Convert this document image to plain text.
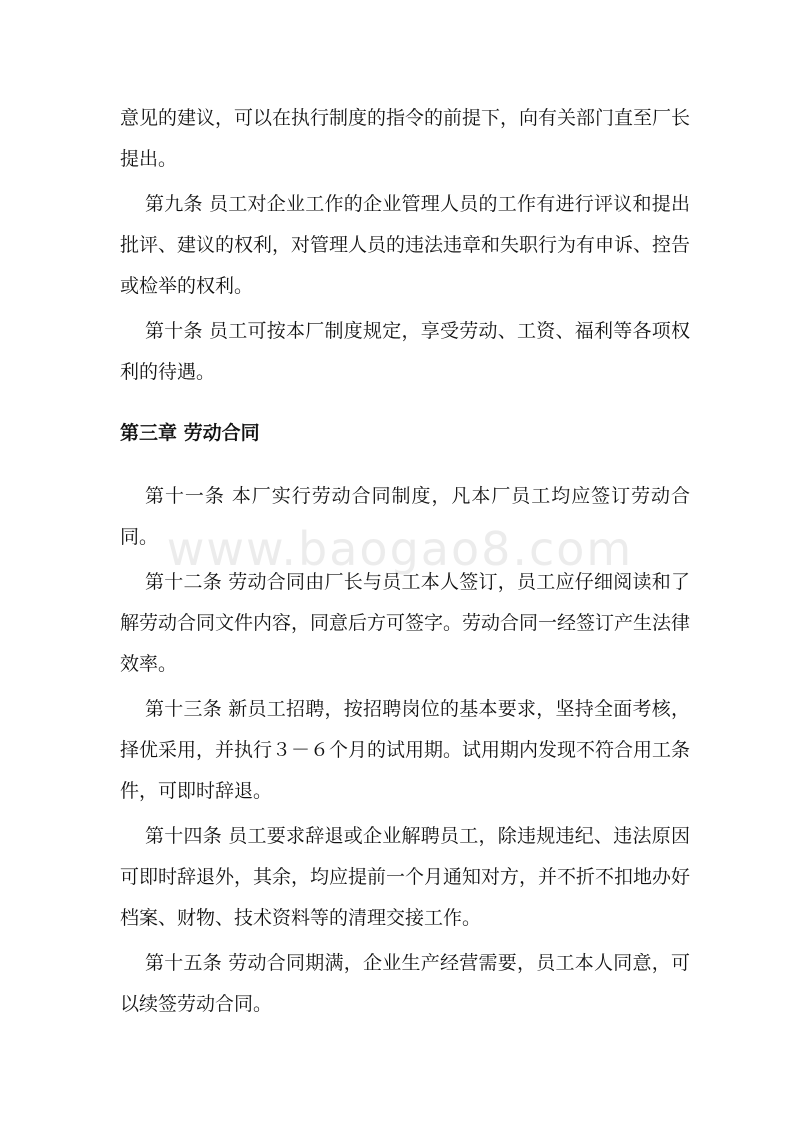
www.baogao8.com

意见的建议，可以在执行制度的指令的前提下，向有关部门直至厂长提出。

第九条 员工对企业工作的企业管理人员的工作有进行评议和提出批评、建议的权利，对管理人员的违法违章和失职行为有申诉、控告或检举的权利。

第十条 员工可按本厂制度规定，享受劳动、工资、福利等各项权利的待遇。

第三章 劳动合同

第十一条 本厂实行劳动合同制度，凡本厂员工均应签订劳动合同。

第十二条 劳动合同由厂长与员工本人签订，员工应仔细阅读和了解劳动合同文件内容，同意后方可签字。劳动合同一经签订产生法律效率。

第十三条 新员工招聘，按招聘岗位的基本要求，坚持全面考核，择优采用，并执行３－６个月的试用期。试用期内发现不符合用工条件，可即时辞退。

第十四条 员工要求辞退或企业解聘员工，除违规违纪、违法原因可即时辞退外，其余，均应提前一个月通知对方，并不折不扣地办好档案、财物、技术资料等的清理交接工作。

第十五条 劳动合同期满，企业生产经营需要，员工本人同意，可以续签劳动合同。
